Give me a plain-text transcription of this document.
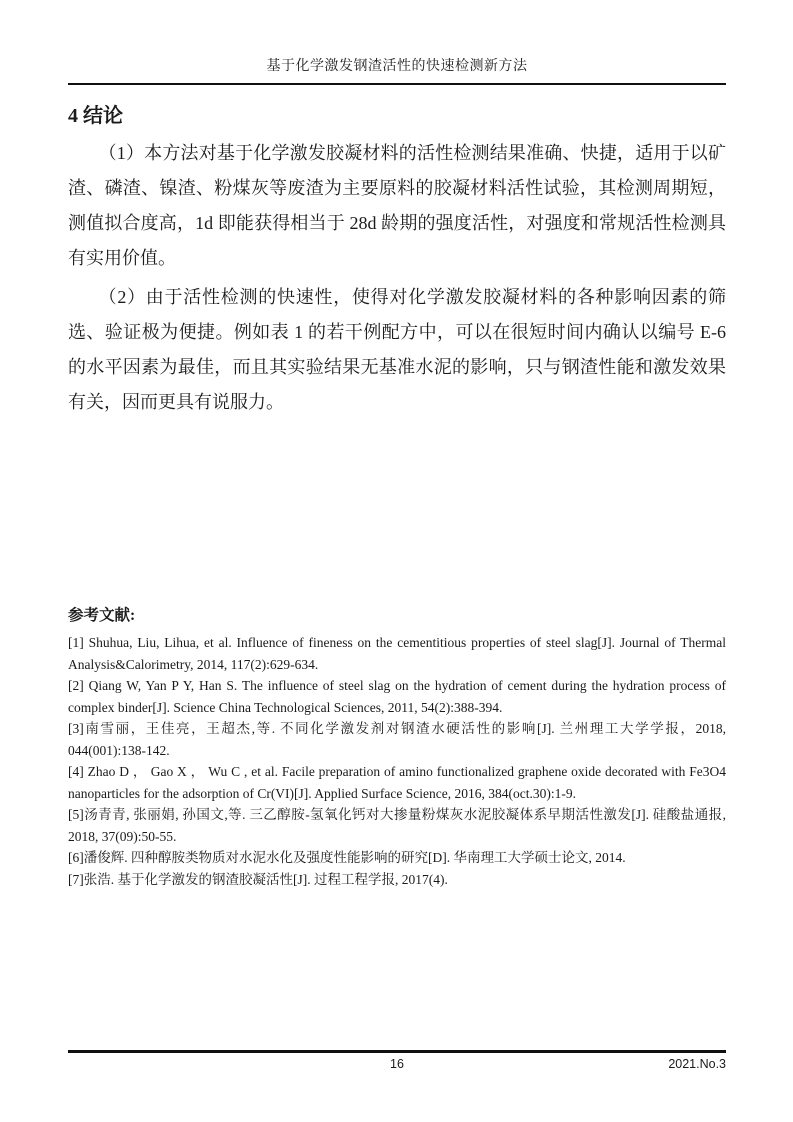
基于化学激发钢渣活性的快速检测新方法
4 结论

（1）本方法对基于化学激发胶凝材料的活性检测结果准确、快捷，适用于以矿渣、磷渣、镍渣、粉煤灰等废渣为主要原料的胶凝材料活性试验，其检测周期短，测值拟合度高，1d 即能获得相当于 28d 龄期的强度活性，对强度和常规活性检测具有实用价值。

（2）由于活性检测的快速性，使得对化学激发胶凝材料的各种影响因素的筛选、验证极为便捷。例如表 1 的若干例配方中，可以在很短时间内确认以编号 E-6 的水平因素为最佳，而且其实验结果无基准水泥的影响，只与钢渣性能和激发效果有关，因而更具有说服力。

参考文献:

[1] Shuhua, Liu, Lihua, et al. Influence of fineness on the cementitious properties of steel slag[J]. Journal of Thermal Analysis&Calorimetry, 2014, 117(2):629-634.

[2] Qiang W, Yan P Y, Han S. The influence of steel slag on the hydration of cement during the hydration process of complex binder[J]. Science China Technological Sciences, 2011, 54(2):388-394.

[3]南雪丽，王佳亮，王超杰,等. 不同化学激发剂对钢渣水硬活性的影响[J]. 兰州理工大学学报，2018, 044(001):138-142.

[4] Zhao D ， Gao X ， Wu C , et al. Facile preparation of amino functionalized graphene oxide decorated with Fe3O4 nanoparticles for the adsorption of Cr(VI)[J]. Applied Surface Science, 2016, 384(oct.30):1-9.

[5]汤青青, 张丽娟, 孙国文,等. 三乙醇胺-氢氧化钙对大掺量粉煤灰水泥胶凝体系早期活性激发[J]. 硅酸盐通报, 2018, 37(09):50-55.

[6]潘俊辉. 四种醇胺类物质对水泥水化及强度性能影响的研究[D]. 华南理工大学硕士论文, 2014.

[7]张浩. 基于化学激发的钢渣胶凝活性[J]. 过程工程学报, 2017(4).

16	2021.No.3
